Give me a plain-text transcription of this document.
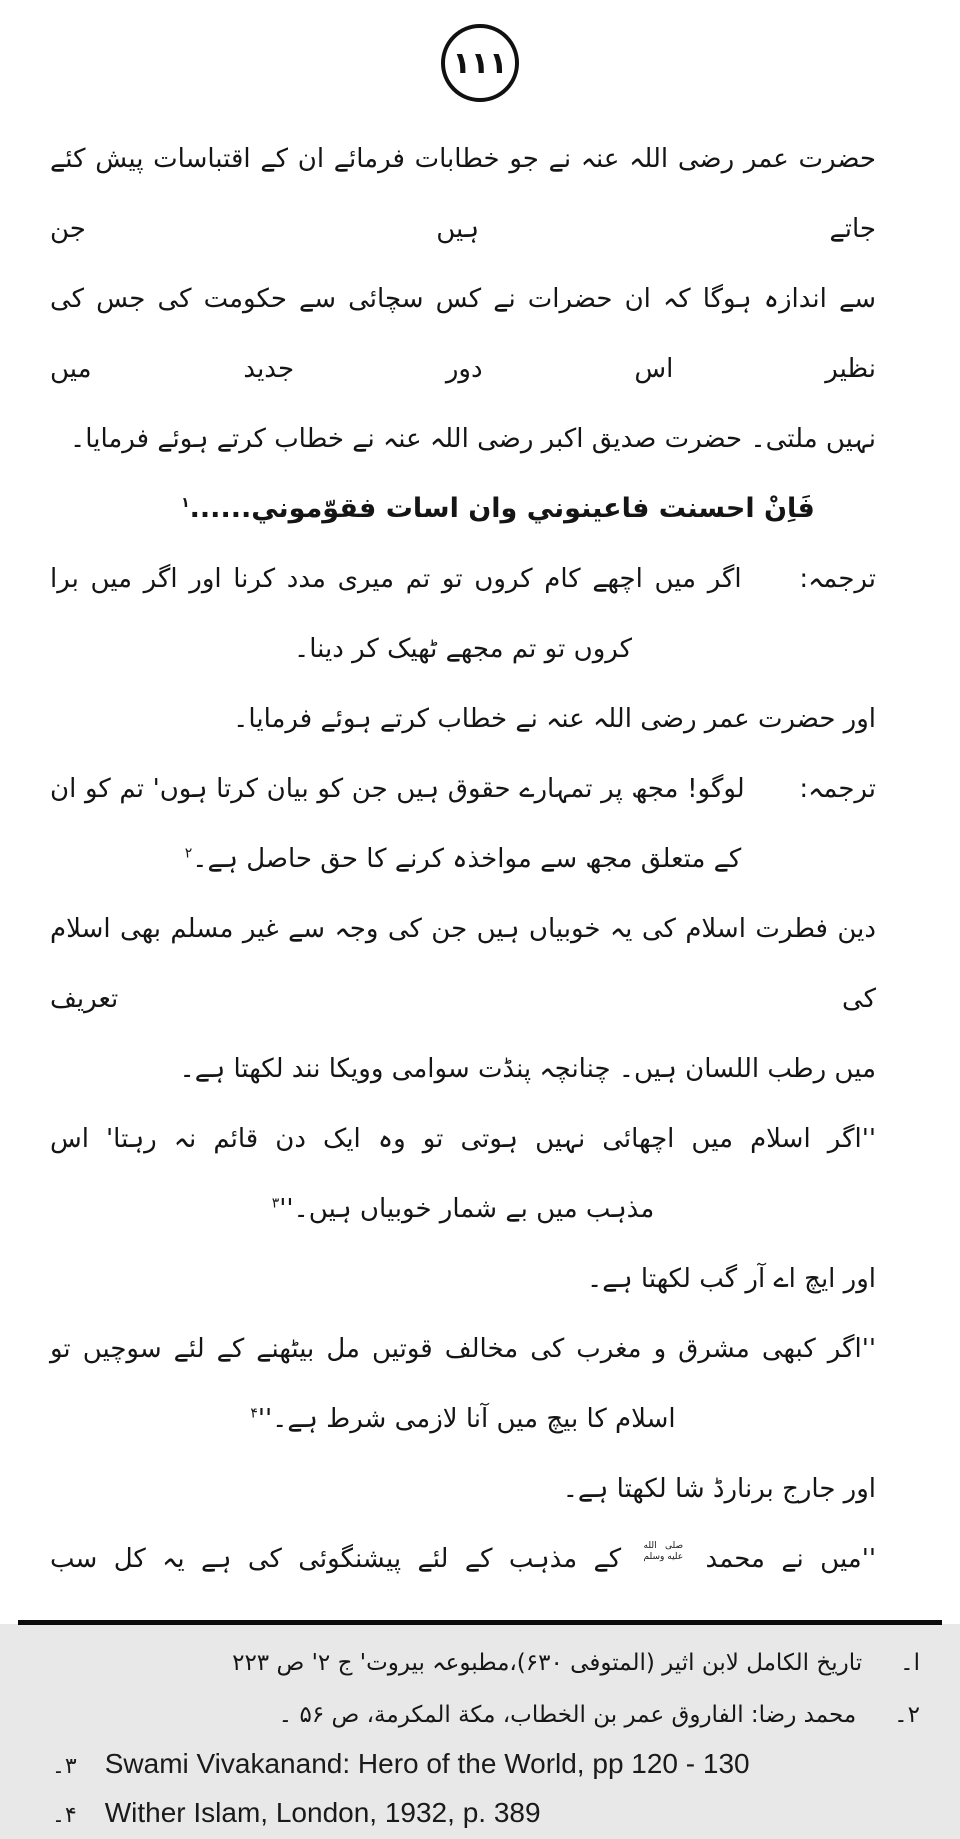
۱۱۱
حضرت عمر رضی اللہ عنہ نے جو خطابات فرمائے ان کے اقتباسات پیش کئے جاتے ہیں جن
سے اندازہ ہوگا کہ ان حضرات نے کس سچائی سے حکومت کی جس کی نظیر اس دور جدید میں
نہیں ملتی۔ حضرت صدیق اکبر رضی اللہ عنہ نے خطاب کرتے ہوئے فرمایا۔
فَاِنْ احسنت فاعينوني وان اسات فقوّموني......$^۱$
ترجمہ: اگر میں اچھے کام کروں تو تم میری مدد کرنا اور اگر میں برا
کروں تو تم مجھے ٹھیک کر دینا۔
اور حضرت عمر رضی اللہ عنہ نے خطاب کرتے ہوئے فرمایا۔
ترجمہ: لوگو! مجھ پر تمہارے حقوق ہیں جن کو بیان کرتا ہوں' تم کو ان
کے متعلق مجھ سے مواخذہ کرنے کا حق حاصل ہے۔$^۲$
دین فطرت اسلام کی یہ خوبیاں ہیں جن کی وجہ سے غیر مسلم بھی اسلام کی تعریف
میں رطب اللسان ہیں۔ چنانچہ پنڈت سوامی وویکا نند لکھتا ہے۔
''اگر اسلام میں اچھائی نہیں ہوتی تو وہ ایک دن قائم نہ رہتا' اس
مذہب میں بے شمار خوبیاں $ہیں۔''^۳$
اور ایچ اے آر گب لکھتا ہے۔
''اگر کبھی مشرق و مغرب کی مخالف قوتیں مل بیٹھنے کے لئے سوچیں تو
اسلام کا بیچ میں آنا لازمی شرط $ہے۔''^۴$
اور جارج برنارڈ شا لکھتا ہے۔
''میں نے محمد صلى الله
عليه وسلم کے مذہب کے لئے پیشنگوئی کی ہے یہ کل سب
ا۔تاریخ الکامل لابن اثیر (المتوفی ۶۳۰)،مطبوعہ بیروت' ج ۲' ص ۲۲۳
۲۔محمد رضا: الفاروق عمر بن الخطاب، مكة المكرمة، ص ۵۶ ۔
۳۔ Swami Vivakanand: Hero of the World, pp 120 - 130
۴۔ Wither Islam, London, 1932, p. 389
